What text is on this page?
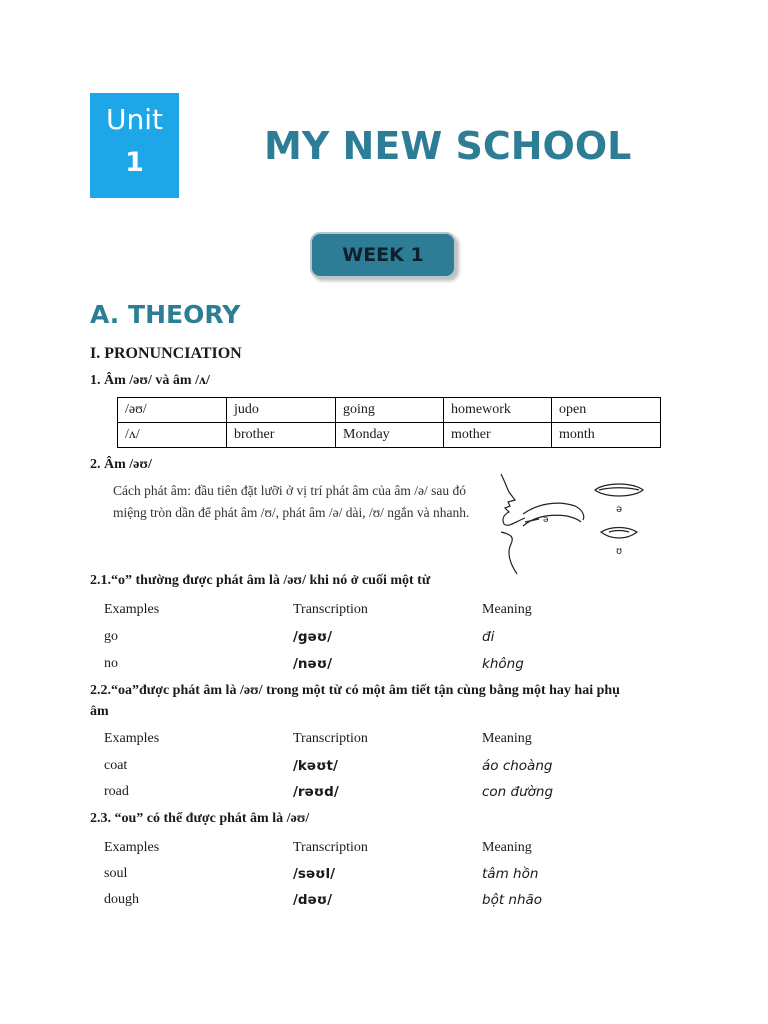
Unit
1	MY NEW SCHOOL
WEEK 1
A. THEORY
I. PRONUNCIATION
1. Âm /əʊ/ và âm /ʌ/
/əʊ/	judo	going	homework	open
/ʌ/	brother	Monday	mother	month
2. Âm /əʊ/
Cách phát âm: đầu tiên đặt lưỡi ở vị trí phát âm của âm /ə/ sau đó miệng tròn dần để phát âm /ʊ/, phát âm /ə/ dài, /ʊ/ ngắn và nhanh.	ə
ə
ʊ
2.1.“o” thường được phát âm là /əʊ/ khi nó ở cuối một từ
Examples	Transcription	Meaning
go	/gəʊ/	đi
no	/nəʊ/	không
2.2.“oa”được phát âm là /əʊ/ trong một từ có một âm tiết tận cùng bằng một hay hai phụ
âm
Examples	Transcription	Meaning
coat	/kəʊt/	áo choàng
road	/rəʊd/	con đường
2.3. “ou” có thể được phát âm là /əʊ/
Examples	Transcription	Meaning
soul	/səʊl/	tâm hồn
dough	/dəʊ/	bột nhão
